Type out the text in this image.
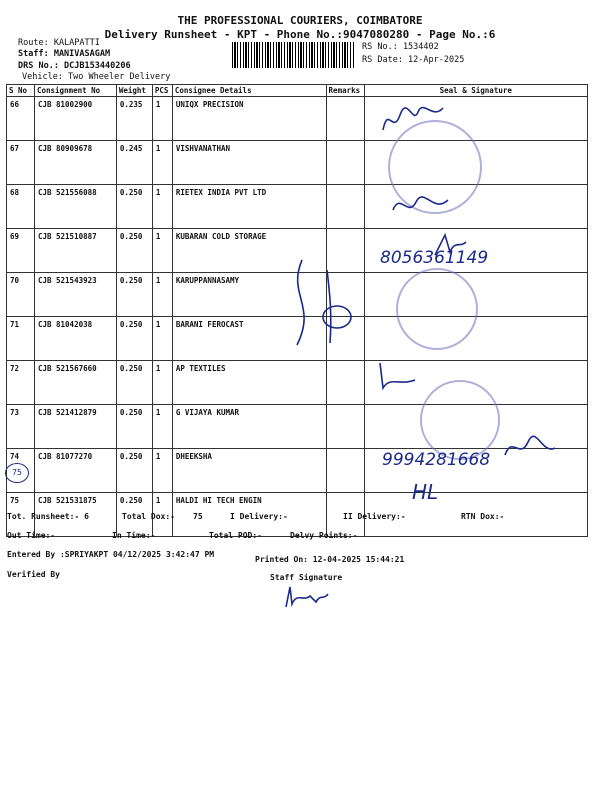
THE PROFESSIONAL COURIERS, COIMBATORE
Delivery Runsheet - KPT - Phone No.:9047080280 - Page No.:6
Route: KALAPATTI
Staff: MANIVASAGAM
DRS No.: DCJB153440206
Vehicle: Two Wheeler Delivery
RS No.: 1534402
RS Date: 12-Apr-2025
S No	Consignment No	Weight	PCS	Consignee Details	Remarks	Seal & Signature
66	CJB 81002900	0.235	1	UNIQX PRECISION		
67	CJB 80909678	0.245	1	VISHVANATHAN		
68	CJB 521556088	0.250	1	RIETEX INDIA PVT LTD		
69	CJB 521510887	0.250	1	KUBARAN COLD STORAGE		
70	CJB 521543923	0.250	1	KARUPPANNASAMY		
71	CJB 81042038	0.250	1	BARANI FEROCAST		
72	CJB 521567660	0.250	1	AP TEXTILES		
73	CJB 521412879	0.250	1	G VIJAYA KUMAR		
74	CJB 81077270	0.250	1	DHEEKSHA		
75	CJB 521531875	0.250	1	HALDI HI TECH ENGIN		
8056361149
9994281668
HL
75
Tot. Runsheet:- 6	Total Dox:- 75	I Delivery:-	II Delivery:-	RTN Dox:-
Out Time:-	In Time:-	Total POD:-	Delvy Points:-
Entered By :SPRIYAKPT 04/12/2025 3:42:47 PM
Printed On: 12-04-2025 15:44:21
Verified By	Staff Signature
